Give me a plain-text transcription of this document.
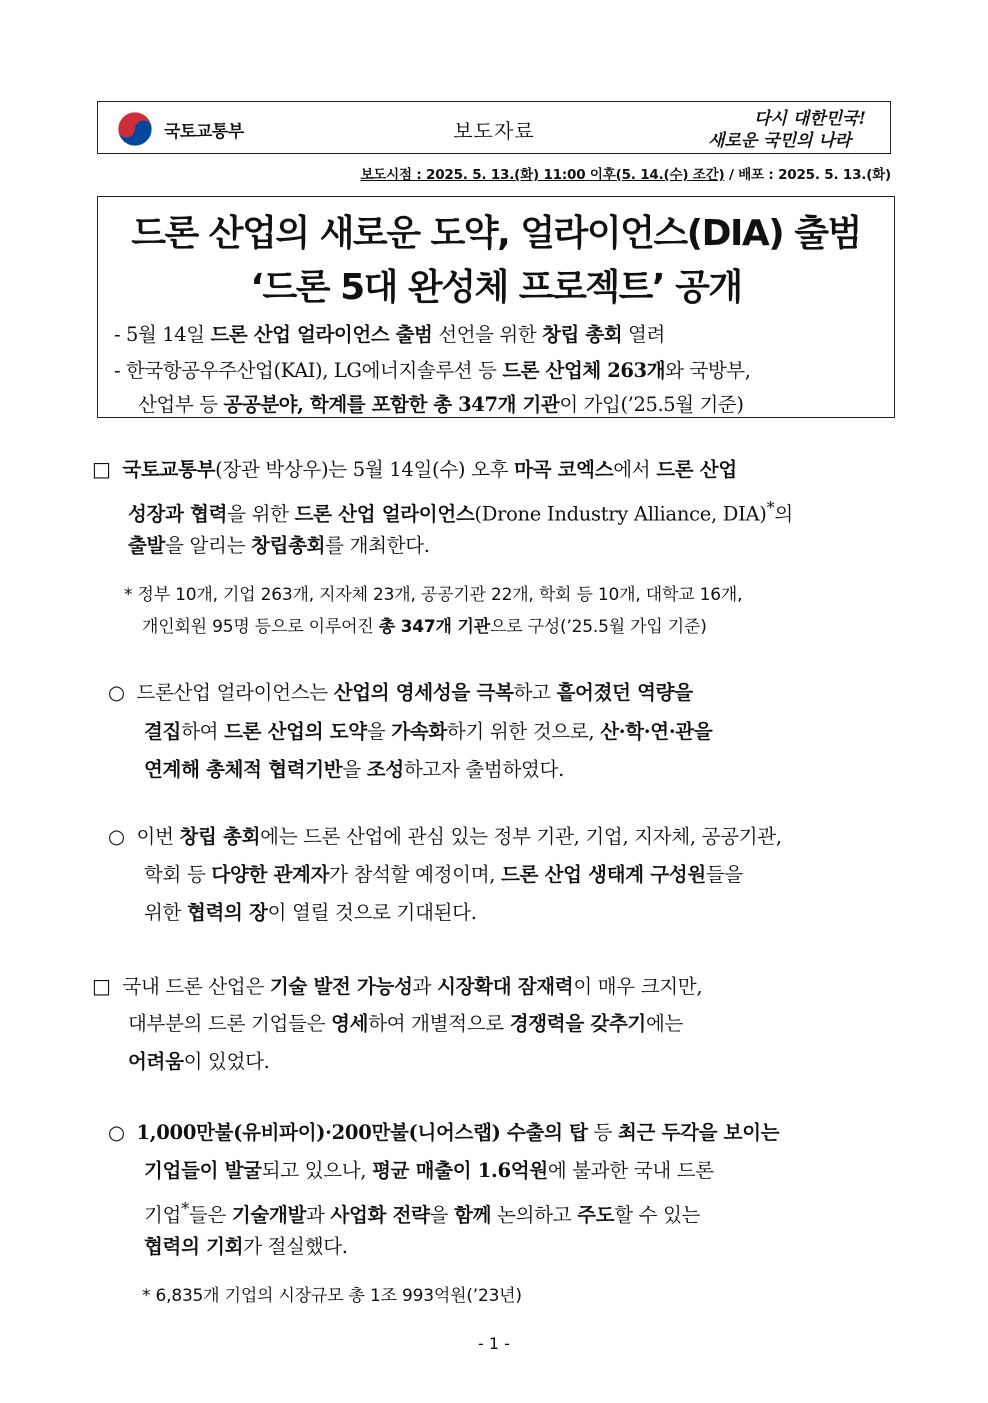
국토교통부	보도자료	다시 대한민국!
새로운 국민의 나라
보도시점 : 2025. 5. 13.(화) 11:00 이후(5. 14.(수) 조간) / 배포 : 2025. 5. 13.(화)
드론 산업의 새로운 도약, 얼라이언스(DIA) 출범
‘드론 5대 완성체 프로젝트’ 공개
- 5월 14일 드론 산업 얼라이언스 출범 선언을 위한 창립 총회 열려
- 한국항공우주산업(KAI), LG에너지솔루션 등 드론 산업체 263개와 국방부,
산업부 등 공공분야, 학계를 포함한 총 347개 기관이 가입(’25.5월 기준)
□ 국토교통부(장관 박상우)는 5월 14일(수) 오후 마곡 코엑스에서 드론 산업
성장과 협력을 위한 드론 산업 얼라이언스(Drone Industry Alliance, DIA)*의
출발을 알리는 창립총회를 개최한다.
* 정부 10개, 기업 263개, 지자체 23개, 공공기관 22개, 학회 등 10개, 대학교 16개,
개인회원 95명 등으로 이루어진 총 347개 기관으로 구성(’25.5월 가입 기준)
○ 드론산업 얼라이언스는 산업의 영세성을 극복하고 흩어졌던 역량을
결집하여 드론 산업의 도약을 가속화하기 위한 것으로, 산·학·연·관을
연계해 총체적 협력기반을 조성하고자 출범하였다.
○ 이번 창립 총회에는 드론 산업에 관심 있는 정부 기관, 기업, 지자체, 공공기관,
학회 등 다양한 관계자가 참석할 예정이며, 드론 산업 생태계 구성원들을
위한 협력의 장이 열릴 것으로 기대된다.
□ 국내 드론 산업은 기술 발전 가능성과 시장확대 잠재력이 매우 크지만,
대부분의 드론 기업들은 영세하여 개별적으로 경쟁력을 갖추기에는
어려움이 있었다.
○ 1,000만불(유비파이)·200만불(니어스랩) 수출의 탑 등 최근 두각을 보이는
기업들이 발굴되고 있으나, 평균 매출이 1.6억원에 불과한 국내 드론
기업*들은 기술개발과 사업화 전략을 함께 논의하고 주도할 수 있는
협력의 기회가 절실했다.
* 6,835개 기업의 시장규모 총 1조 993억원(’23년)
- 1 -
